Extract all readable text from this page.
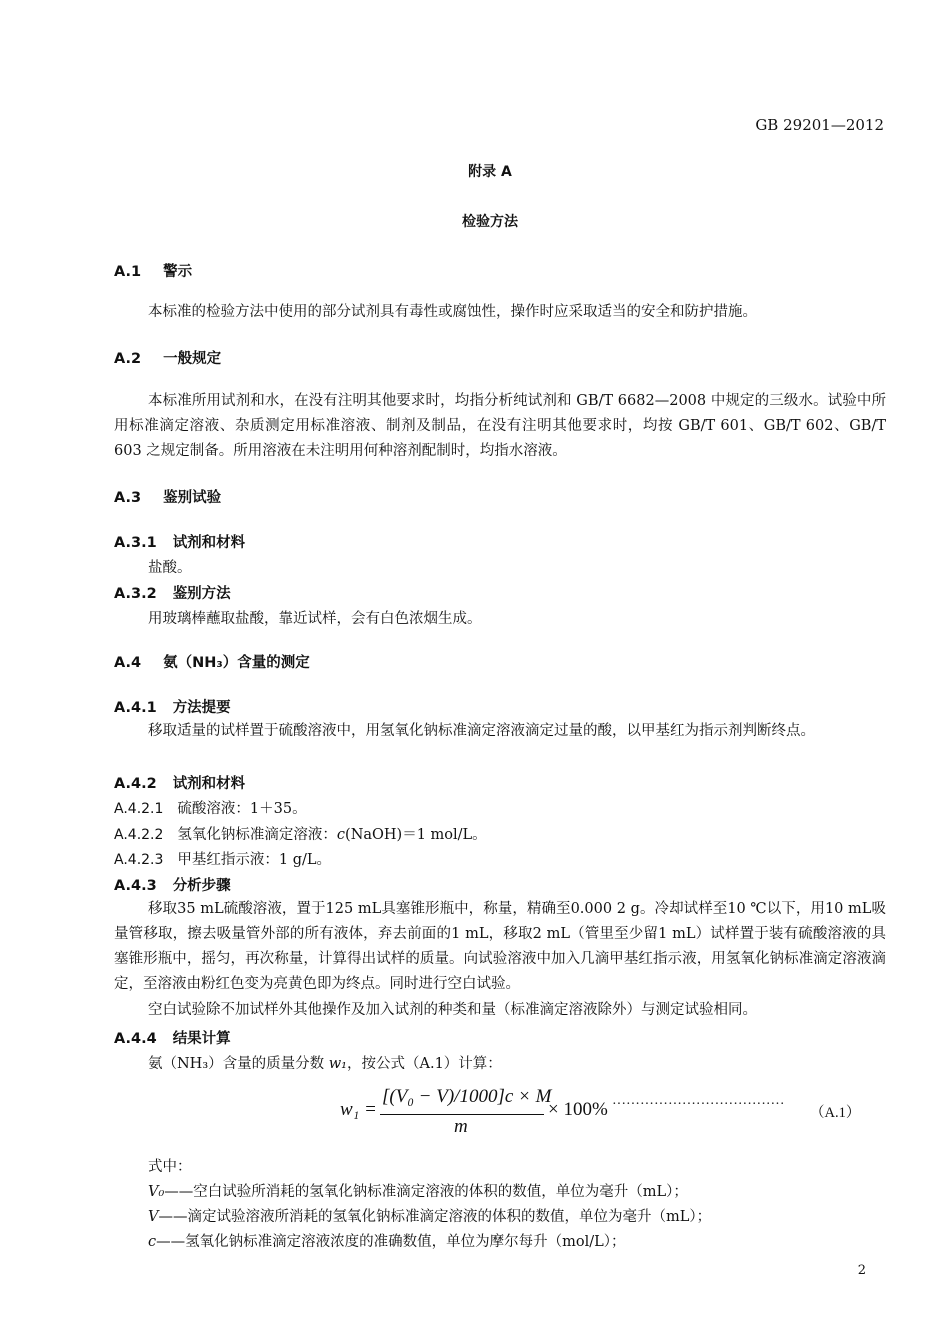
GB 29201—2012
附录 A
检验方法
A.1 警示
本标准的检验方法中使用的部分试剂具有毒性或腐蚀性，操作时应采取适当的安全和防护措施。
A.2 一般规定
本标准所用试剂和水，在没有注明其他要求时，均指分析纯试剂和 GB/T 6682—2008 中规定的三级水。试验中所用标准滴定溶液、杂质测定用标准溶液、制剂及制品，在没有注明其他要求时，均按 GB/T 601、GB/T 602、GB/T 603 之规定制备。所用溶液在未注明用何种溶剂配制时，均指水溶液。
A.3 鉴别试验
A.3.1 试剂和材料
盐酸。
A.3.2 鉴别方法
用玻璃棒蘸取盐酸，靠近试样，会有白色浓烟生成。
A.4 氨（NH₃）含量的测定
A.4.1 方法提要
移取适量的试样置于硫酸溶液中，用氢氧化钠标准滴定溶液滴定过量的酸，以甲基红为指示剂判断终点。
A.4.2 试剂和材料
A.4.2.1 硫酸溶液：1＋35。
A.4.2.2 氢氧化钠标准滴定溶液：c(NaOH)＝1 mol/L。
A.4.2.3 甲基红指示液：1 g/L。
A.4.3 分析步骤
移取35 mL硫酸溶液，置于125 mL具塞锥形瓶中，称量，精确至0.000 2 g。冷却试样至10 ℃以下，用10 mL吸量管移取，擦去吸量管外部的所有液体，弃去前面的1 mL，移取2 mL（管里至少留1 mL）试样置于装有硫酸溶液的具塞锥形瓶中，摇匀，再次称量，计算得出试样的质量。向试验溶液中加入几滴甲基红指示液，用氢氧化钠标准滴定溶液滴定，至溶液由粉红色变为亮黄色即为终点。同时进行空白试验。
空白试验除不加试样外其他操作及加入试剂的种类和量（标准滴定溶液除外）与测定试验相同。
A.4.4 结果计算
氨（NH₃）含量的质量分数 w₁，按公式（A.1）计算：
w₁ =
[(V₀ − V)/1000]c × M
m
× 100% ·····································
（A.1）
式中：
V₀——空白试验所消耗的氢氧化钠标准滴定溶液的体积的数值，单位为毫升（mL）；
V——滴定试验溶液所消耗的氢氧化钠标准滴定溶液的体积的数值，单位为毫升（mL）；
c——氢氧化钠标准滴定溶液浓度的准确数值，单位为摩尔每升（mol/L）；
2
